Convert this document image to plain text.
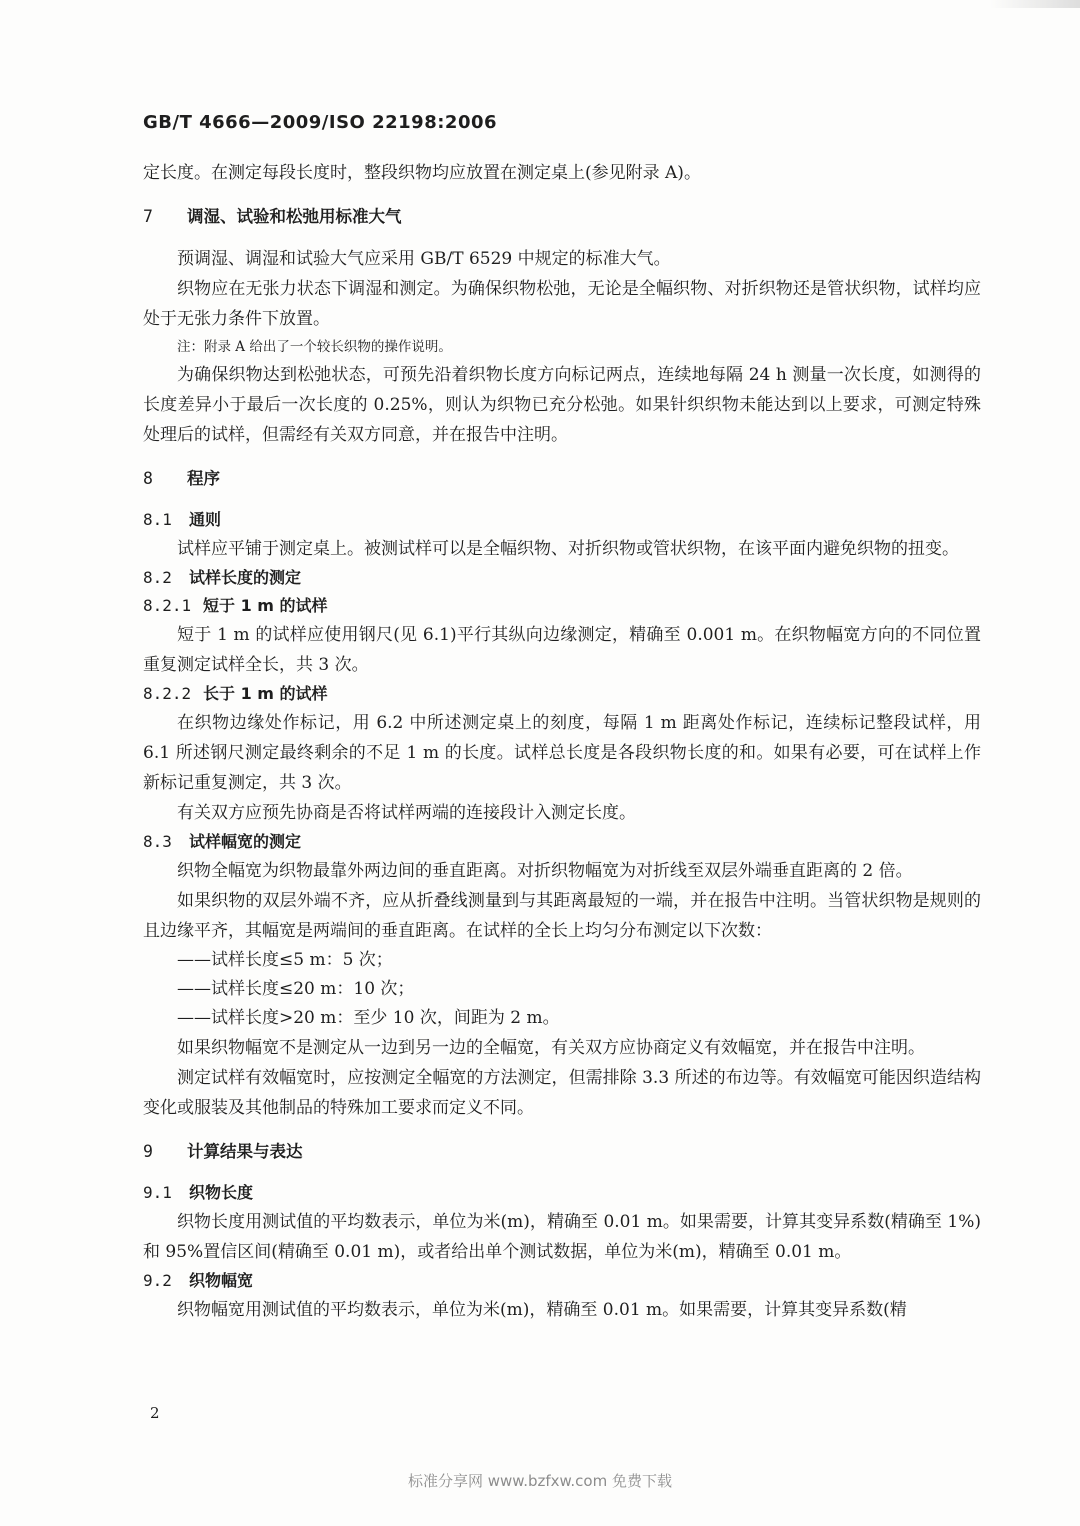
GB/T 4666—2009/ISO 22198:2006

定长度。在测定每段长度时，整段织物均应放置在测定桌上(参见附录 A)。

7 调湿、试验和松弛用标准大气

预调湿、调湿和试验大气应采用 GB/T 6529 中规定的标准大气。

织物应在无张力状态下调湿和测定。为确保织物松弛，无论是全幅织物、对折织物还是管状织物，试样均应处于无张力条件下放置。

注：附录 A 给出了一个较长织物的操作说明。

为确保织物达到松弛状态，可预先沿着织物长度方向标记两点，连续地每隔 24 h 测量一次长度，如测得的长度差异小于最后一次长度的 0.25%，则认为织物已充分松弛。如果针织织物未能达到以上要求，可测定特殊处理后的试样，但需经有关双方同意，并在报告中注明。

8 程序
8.1 通则

试样应平铺于测定桌上。被测试样可以是全幅织物、对折织物或管状织物，在该平面内避免织物的扭变。

8.2 试样长度的测定
8.2.1 短于 1 m 的试样

短于 1 m 的试样应使用钢尺(见 6.1)平行其纵向边缘测定，精确至 0.001 m。在织物幅宽方向的不同位置重复测定试样全长，共 3 次。

8.2.2 长于 1 m 的试样

在织物边缘处作标记，用 6.2 中所述测定桌上的刻度，每隔 1 m 距离处作标记，连续标记整段试样，用 6.1 所述钢尺测定最终剩余的不足 1 m 的长度。试样总长度是各段织物长度的和。如果有必要，可在试样上作新标记重复测定，共 3 次。

有关双方应预先协商是否将试样两端的连接段计入测定长度。

8.3 试样幅宽的测定

织物全幅宽为织物最靠外两边间的垂直距离。对折织物幅宽为对折线至双层外端垂直距离的 2 倍。

如果织物的双层外端不齐，应从折叠线测量到与其距离最短的一端，并在报告中注明。当管状织物是规则的且边缘平齐，其幅宽是两端间的垂直距离。在试样的全长上均匀分布测定以下次数：

——试样长度≤5 m：5 次；

——试样长度≤20 m：10 次；

——试样长度>20 m：至少 10 次，间距为 2 m。

如果织物幅宽不是测定从一边到另一边的全幅宽，有关双方应协商定义有效幅宽，并在报告中注明。

测定试样有效幅宽时，应按测定全幅宽的方法测定，但需排除 3.3 所述的布边等。有效幅宽可能因织造结构变化或服装及其他制品的特殊加工要求而定义不同。

9 计算结果与表达
9.1 织物长度

织物长度用测试值的平均数表示，单位为米(m)，精确至 0.01 m。如果需要，计算其变异系数(精确至 1%)和 95%置信区间(精确至 0.01 m)，或者给出单个测试数据，单位为米(m)，精确至 0.01 m。

9.2 织物幅宽

织物幅宽用测试值的平均数表示，单位为米(m)，精确至 0.01 m。如果需要，计算其变异系数(精

2
标准分享网 www.bzfxw.com 免费下载
